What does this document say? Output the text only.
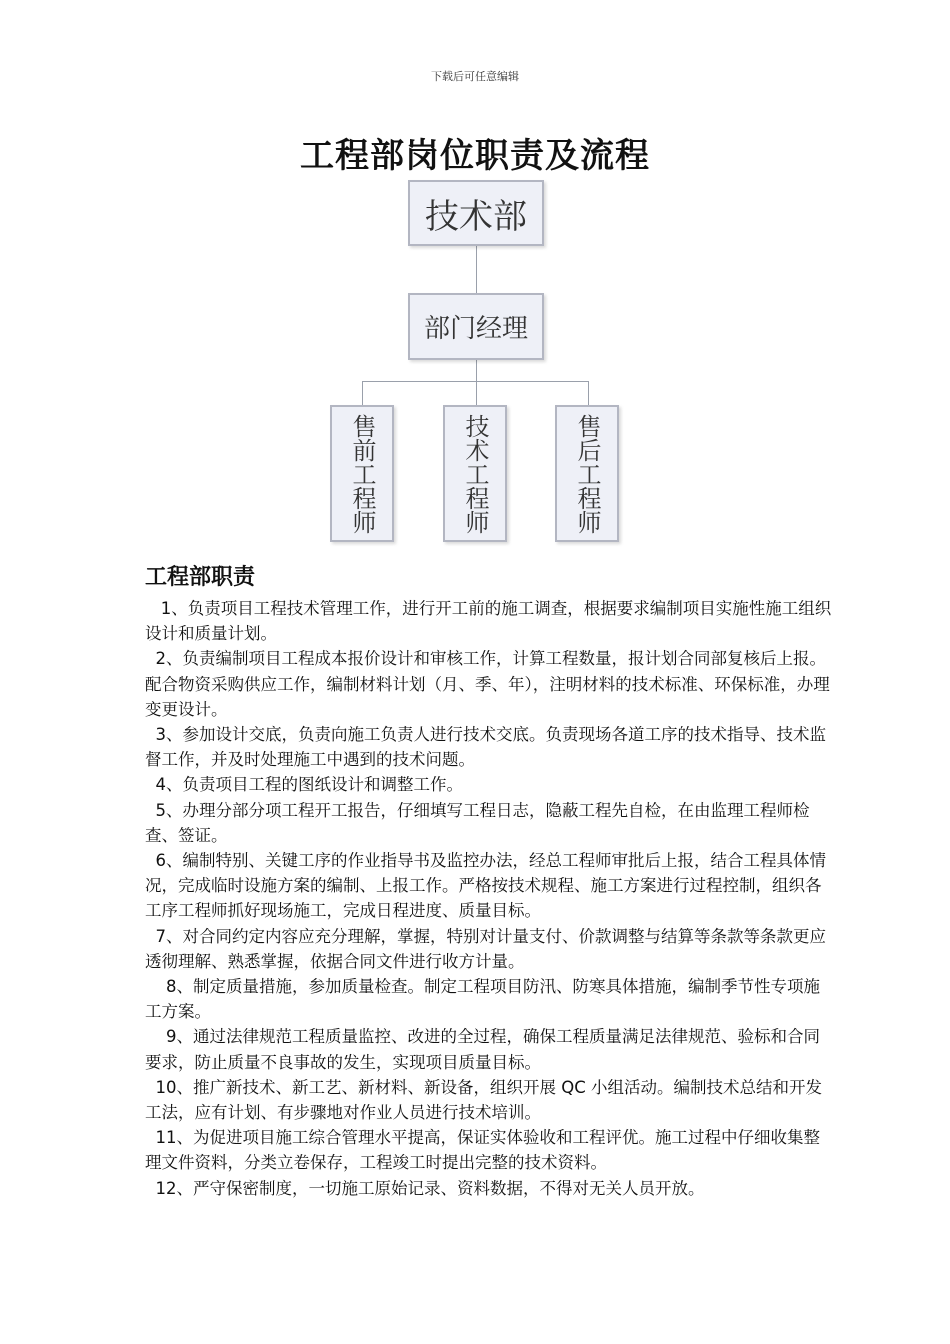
下载后可任意编辑
工程部岗位职责及流程
技术部
部门经理
售前工程师	技术工程师	售后工程师
工程部职责

1、负责项目工程技术管理工作，进行开工前的施工调查，根据要求编制项目实施性施工组织设计和质量计划。

2、负责编制项目工程成本报价设计和审核工作，计算工程数量，报计划合同部复核后上报。配合物资采购供应工作，编制材料计划（月、季、年），注明材料的技术标准、环保标准，办理变更设计。

3、参加设计交底，负责向施工负责人进行技术交底。负责现场各道工序的技术指导、技术监督工作，并及时处理施工中遇到的技术问题。

4、负责项目工程的图纸设计和调整工作。

5、办理分部分项工程开工报告，仔细填写工程日志，隐蔽工程先自检，在由监理工程师检查、签证。

6、编制特别、关键工序的作业指导书及监控办法，经总工程师审批后上报，结合工程具体情况，完成临时设施方案的编制、上报工作。严格按技术规程、施工方案进行过程控制，组织各工序工程师抓好现场施工，完成日程进度、质量目标。

7、对合同约定内容应充分理解，掌握，特别对计量支付、价款调整与结算等条款等条款更应透彻理解、熟悉掌握，依据合同文件进行收方计量。

8、制定质量措施，参加质量检查。制定工程项目防汛、防寒具体措施，编制季节性专项施工方案。

9、通过法律规范工程质量监控、改进的全过程，确保工程质量满足法律规范、验标和合同要求，防止质量不良事故的发生，实现项目质量目标。

10、推广新技术、新工艺、新材料、新设备，组织开展 QC 小组活动。编制技术总结和开发工法，应有计划、有步骤地对作业人员进行技术培训。

11、为促进项目施工综合管理水平提高，保证实体验收和工程评优。施工过程中仔细收集整理文件资料，分类立卷保存，工程竣工时提出完整的技术资料。

12、严守保密制度，一切施工原始记录、资料数据，不得对无关人员开放。
